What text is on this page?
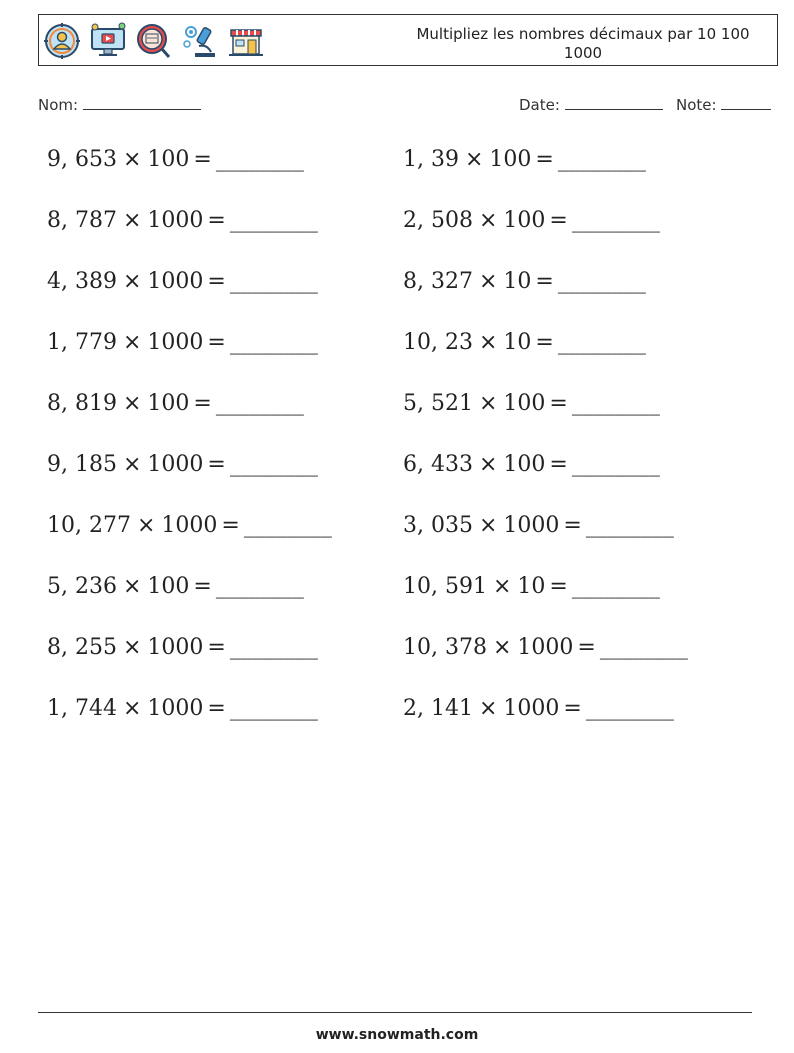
Multipliez les nombres décimaux par 10 100 1000
Nom:	Date:	Note:
9, 653 × 100 = ________
8, 787 × 1000 = ________
4, 389 × 1000 = ________
1, 779 × 1000 = ________
8, 819 × 100 = ________
9, 185 × 1000 = ________
10, 277 × 1000 = ________
5, 236 × 100 = ________
8, 255 × 1000 = ________
1, 744 × 1000 = ________
1, 39 × 100 = ________
2, 508 × 100 = ________
8, 327 × 10 = ________
10, 23 × 10 = ________
5, 521 × 100 = ________
6, 433 × 100 = ________
3, 035 × 1000 = ________
10, 591 × 10 = ________
10, 378 × 1000 = ________
2, 141 × 1000 = ________
www.snowmath.com
